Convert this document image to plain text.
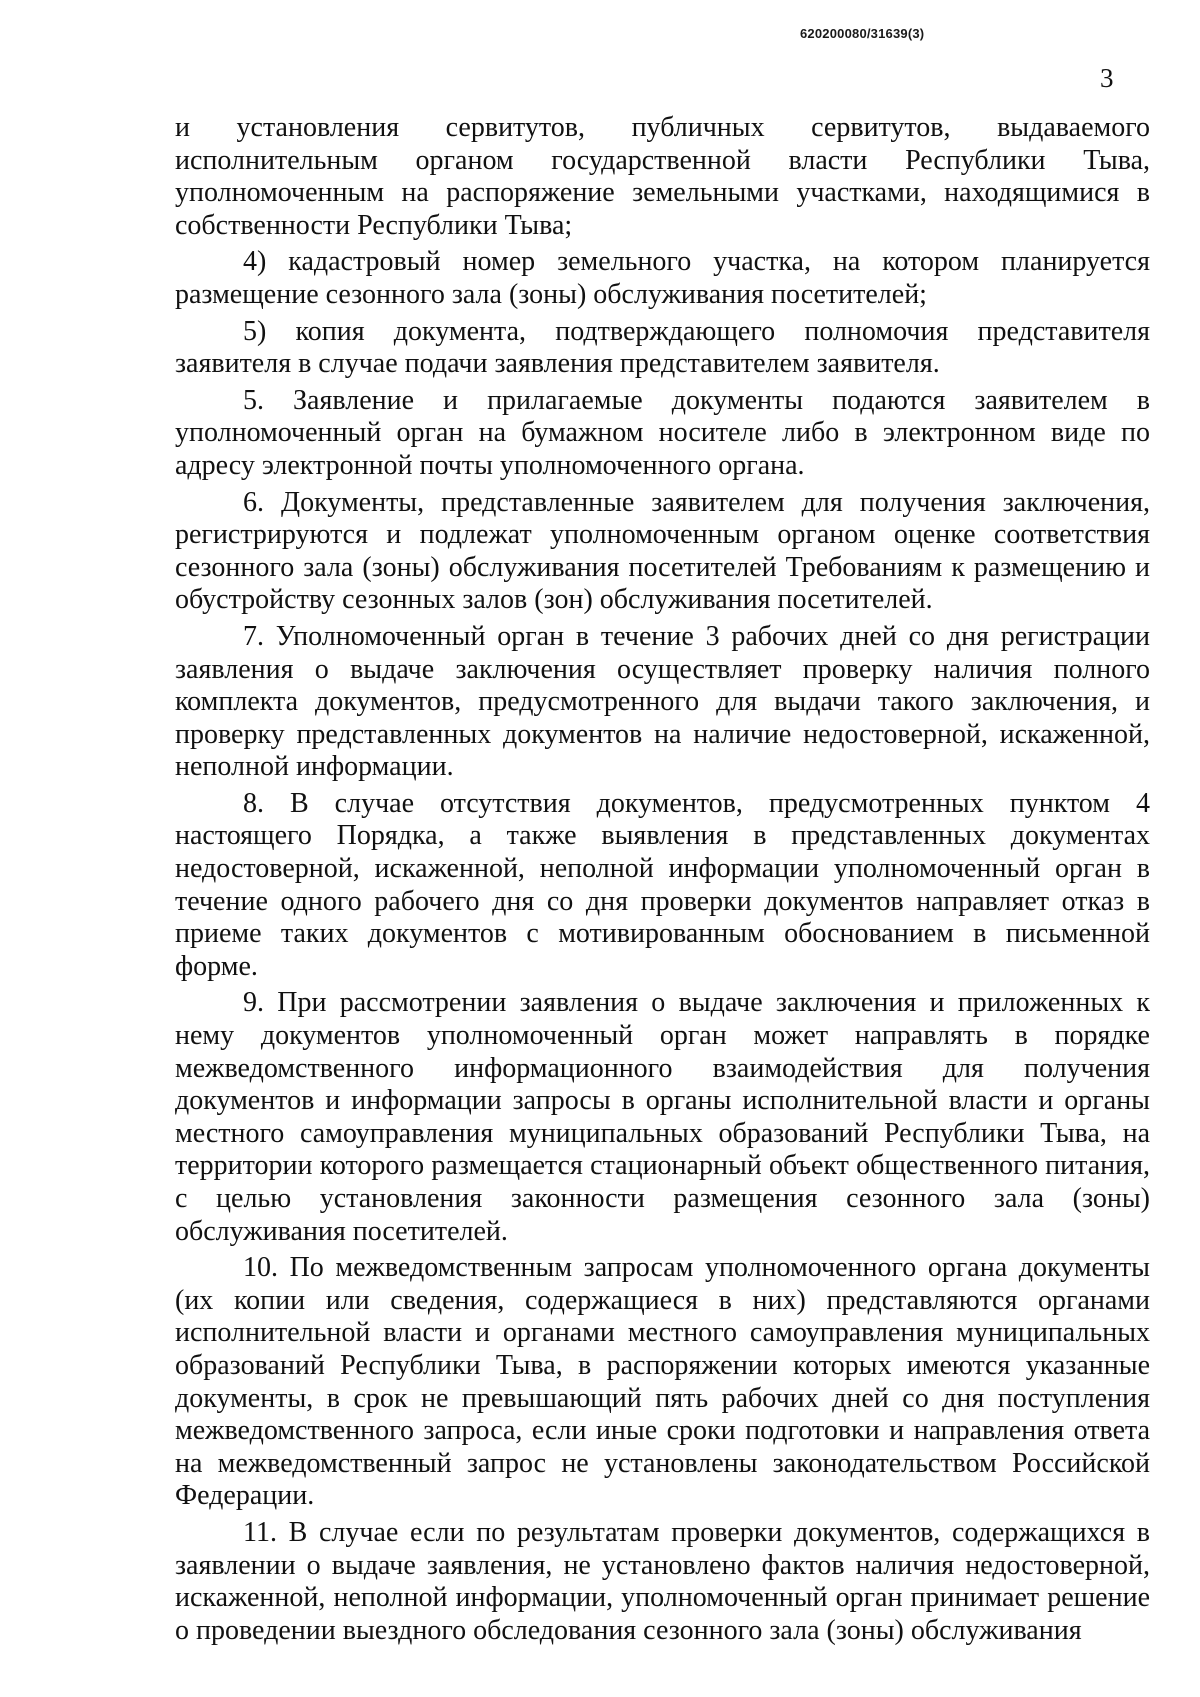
620200080/31639(3)
3

и установления сервитутов, публичных сервитутов, выдаваемого исполнительным органом государственной власти Республики Тыва, уполномоченным на распоряжение земельными участками, находящимися в собственности Республики Тыва;

4) кадастровый номер земельного участка, на котором планируется размещение сезонного зала (зоны) обслуживания посетителей;

5) копия документа, подтверждающего полномочия представителя заявителя в случае подачи заявления представителем заявителя.

5. Заявление и прилагаемые документы подаются заявителем в уполномоченный орган на бумажном носителе либо в электронном виде по адресу электронной почты уполномоченного органа.

6. Документы, представленные заявителем для получения заключения, регистрируются и подлежат уполномоченным органом оценке соответствия сезонного зала (зоны) обслуживания посетителей Требованиям к размещению и обустройству сезонных залов (зон) обслуживания посетителей.

7. Уполномоченный орган в течение 3 рабочих дней со дня регистрации заявления о выдаче заключения осуществляет проверку наличия полного комплекта документов, предусмотренного для выдачи такого заключения, и проверку представленных документов на наличие недостоверной, искаженной, неполной информации.

8. В случае отсутствия документов, предусмотренных пунктом 4 настоящего Порядка, а также выявления в представленных документах недостоверной, искаженной, неполной информации уполномоченный орган в течение одного рабочего дня со дня проверки документов направляет отказ в приеме таких документов с мотивированным обоснованием в письменной форме.

9. При рассмотрении заявления о выдаче заключения и приложенных к нему документов уполномоченный орган может направлять в порядке межведомственного информационного взаимодействия для получения документов и информации запросы в органы исполнительной власти и органы местного самоуправления муниципальных образований Республики Тыва, на территории которого размещается стационарный объект общественного питания, с целью установления законности размещения сезонного зала (зоны) обслуживания посетителей.

10. По межведомственным запросам уполномоченного органа документы (их копии или сведения, содержащиеся в них) представляются органами исполнительной власти и органами местного самоуправления муниципальных образований Республики Тыва, в распоряжении которых имеются указанные документы, в срок не превышающий пять рабочих дней со дня поступления межведомственного запроса, если иные сроки подготовки и направления ответа на межведомственный запрос не установлены законодательством Российской Федерации.

11. В случае если по результатам проверки документов, содержащихся в заявлении о выдаче заявления, не установлено фактов наличия недостоверной, искаженной, неполной информации, уполномоченный орган принимает решение о проведении выездного обследования сезонного зала (зоны) обслуживания
